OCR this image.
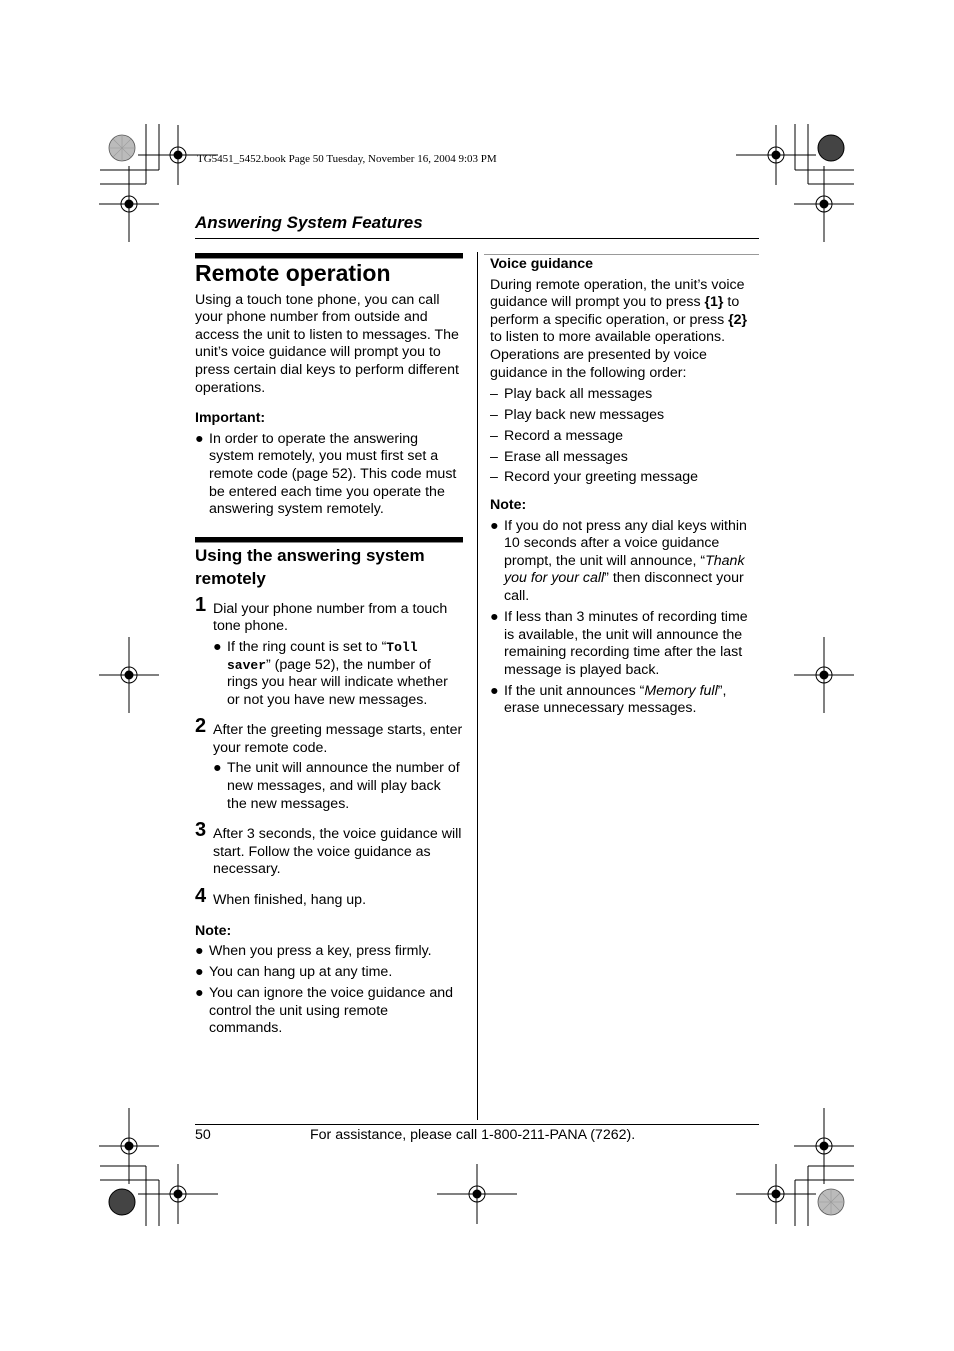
TG5451_5452.book Page 50 Tuesday, November 16, 2004 9:03 PM
Answering System Features
Remote operation

Using a touch tone phone, you can call your phone number from outside and access the unit to listen to messages. The unit’s voice guidance will prompt you to press certain dial keys to perform different operations.

Important:

● In order to operate the answering system remotely, you must first set a remote code (page 52). This code must be entered each time you operate the answering system remotely.
Using the answering system remotely
1 Dial your phone number from a touch tone phone.
● If the ring count is set to “Toll saver” (page 52), the number of rings you hear will indicate whether or not you have new messages.
2 After the greeting message starts, enter your remote code.
● The unit will announce the number of new messages, and will play back the new messages.
3 After 3 seconds, the voice guidance will start. Follow the voice guidance as necessary.
4 When finished, hang up.

Note:

● When you press a key, press firmly.
● You can hang up at any time.
● You can ignore the voice guidance and control the unit using remote commands.

Voice guidance

During remote operation, the unit’s voice guidance will prompt you to press {1} to perform a specific operation, or press {2} to listen to more available operations. Operations are presented by voice guidance in the following order:

– Play back all messages
– Play back new messages
– Record a message
– Erase all messages
– Record your greeting message

Note:

● If you do not press any dial keys within 10 seconds after a voice guidance prompt, the unit will announce, “Thank you for your call” then disconnect your call.
● If less than 3 minutes of recording time is available, the unit will announce the remaining recording time after the last message is played back.
● If the unit announces “Memory full”, erase unnecessary messages.
50	For assistance, please call 1-800-211-PANA (7262).
